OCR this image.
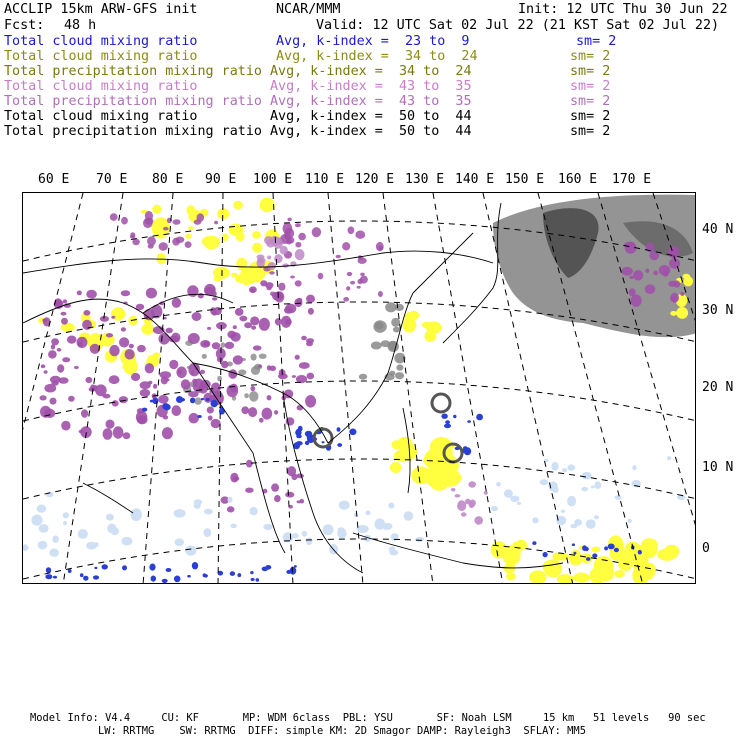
ACCLIP 15km ARW-GFS init	NCAR/MMM	Init: 12 UTC Thu 30 Jun 22
Fcst: 48 h	Valid: 12 UTC Sat 02 Jul 22 (21 KST Sat 02 Jul 22)
Total cloud mixing ratio	Avg, k-index =  23 to  9	sm= 2
Total cloud mixing ratio	Avg, k-index =  34 to  24	sm= 2
Total precipitation mixing ratio Avg, k-index =  34 to  24	sm= 2
Total cloud mixing ratio	Avg, k-index =  43 to  35	sm= 2
Total precipitation mixing ratio Avg, k-index =  43 to  35	sm= 2
Total cloud mixing ratio	Avg, k-index =  50 to  44	sm= 2
Total precipitation mixing ratio Avg, k-index =  50 to  44	sm= 2
60 E 70 E 80 E 90 E 100 E 110 E 120 E 130 E 140 E 150 E 160 E 170 E
40 N
30 N
20 N
10 N
0
Model Info: V4.4     CU: KF       MP: WDM 6class  PBL: YSU       SF: Noah LSM     15 km   51 levels   90 sec
LW: RRTMG    SW: RRTMG  DIFF: simple KM: 2D Smagor DAMP: Rayleigh3  SFLAY: MM5
